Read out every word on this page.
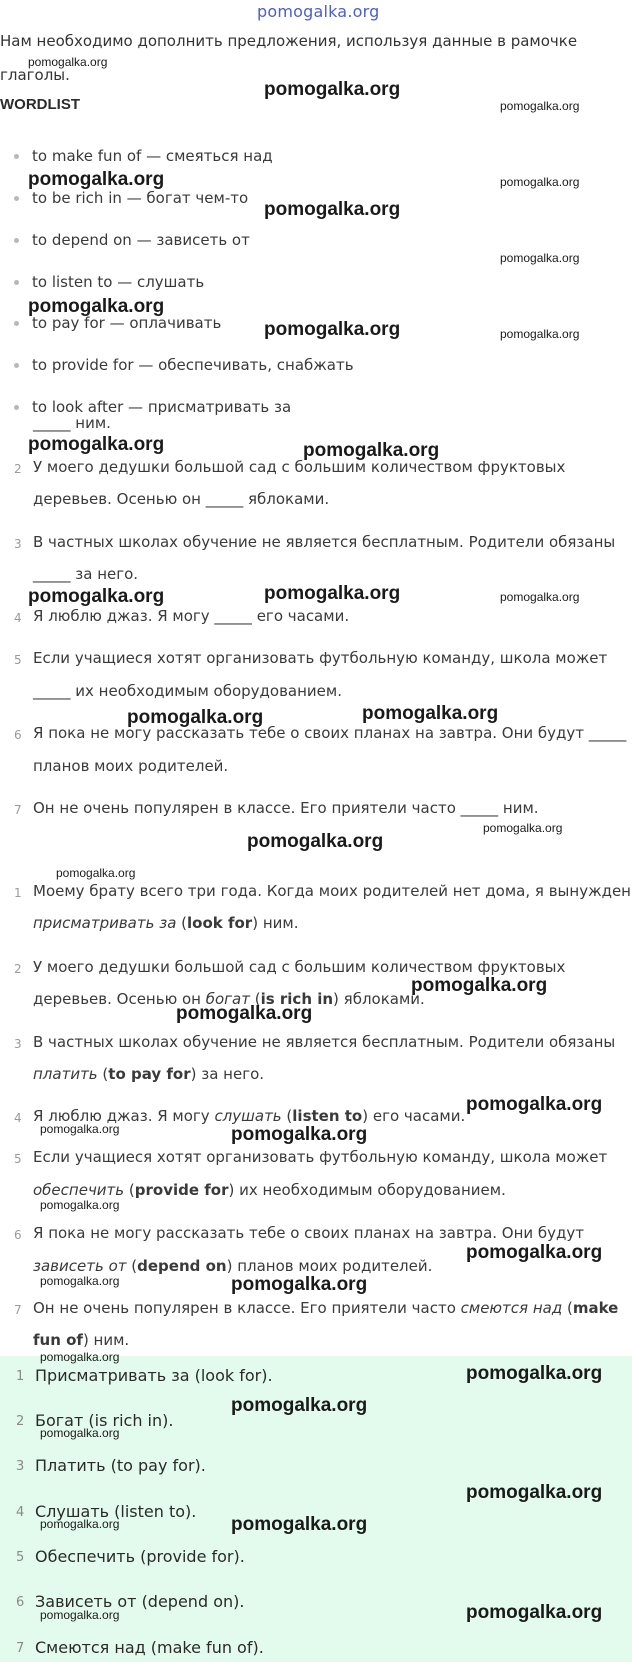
pomogalka.org
Нам необходимо дополнить предложения, используя данные в рамочке
глаголы.
WORDLIST
to make fun of — смеяться над
to be rich in — богат чем-то
to depend on — зависеть от
to listen to — слушать
to pay for — оплачивать
to provide for — обеспечивать, снабжать
to look after — присматривать за
_____ ним.
2 У моего дедушки большой сад с большим количеством фруктовых
деревьев. Осенью он _____ яблоками.
3 В частных школах обучение не является бесплатным. Родители обязаны
_____ за него.
4 Я люблю джаз. Я могу _____ его часами.
5 Если учащиеся хотят организовать футбольную команду, школа может
_____ их необходимым оборудованием.
6 Я пока не могу рассказать тебе о своих планах на завтра. Они будут _____
планов моих родителей.
7 Он не очень популярен в классе. Его приятели часто _____ ним.
1 Моему брату всего три года. Когда моих родителей нет дома, я вынужден
присматривать за (look for) ним.
2 У моего дедушки большой сад с большим количеством фруктовых
деревьев. Осенью он богат (is rich in) яблоками.
3 В частных школах обучение не является бесплатным. Родители обязаны
платить (to pay for) за него.
4 Я люблю джаз. Я могу слушать (listen to) его часами.
5 Если учащиеся хотят организовать футбольную команду, школа может
обеспечить (provide for) их необходимым оборудованием.
6 Я пока не могу рассказать тебе о своих планах на завтра. Они будут
зависеть от (depend on) планов моих родителей.
7 Он не очень популярен в классе. Его приятели часто смеются над (make
fun of) ним.
1 Присматривать за (look for).
2 Богат (is rich in).
3 Платить (to pay for).
4 Слушать (listen to).
5 Обеспечить (provide for).
6 Зависеть от (depend on).
7 Смеются над (make fun of).
pomogalka.org
pomogalka.org
pomogalka.org
pomogalka.org	pomogalka.org
pomogalka.org
pomogalka.org
pomogalka.org
pomogalka.org	pomogalka.org
pomogalka.org	pomogalka.org
pomogalka.org	pomogalka.org	pomogalka.org
pomogalka.org	pomogalka.org
pomogalka.org
pomogalka.org
pomogalka.org
pomogalka.org
pomogalka.org
pomogalka.org
pomogalka.org	pomogalka.org
pomogalka.org
pomogalka.org
pomogalka.org	pomogalka.org
pomogalka.org
pomogalka.org
pomogalka.org
pomogalka.org
pomogalka.org
pomogalka.org	pomogalka.org
pomogalka.org	pomogalka.org
